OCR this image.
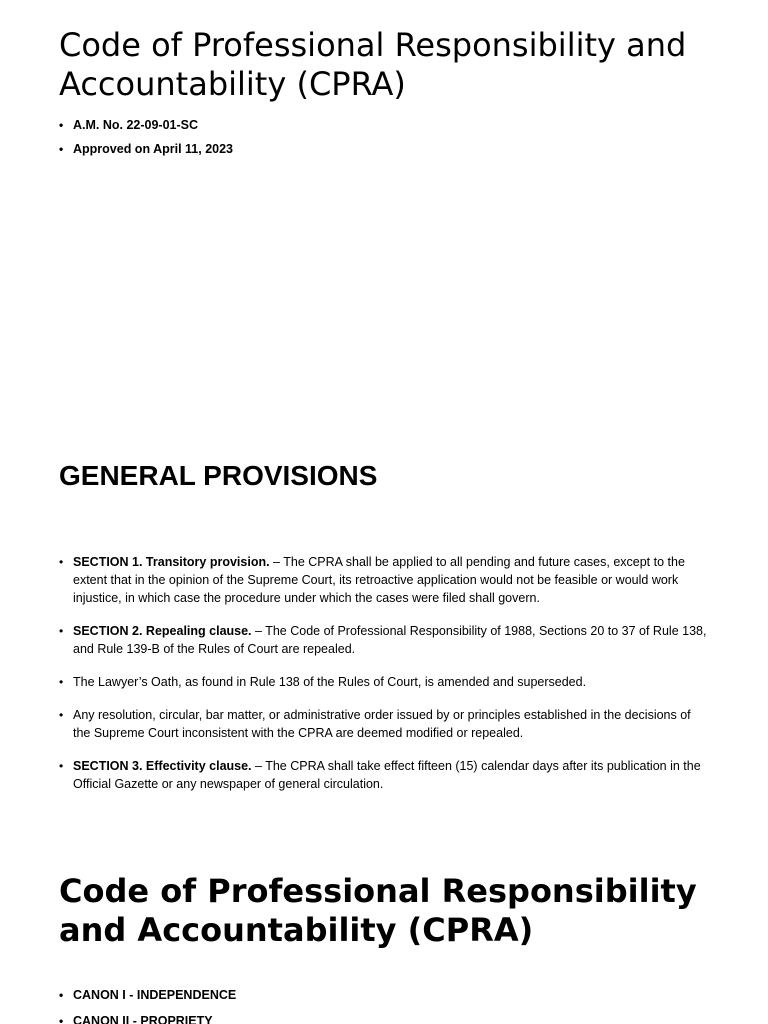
Code of Professional Responsibility and Accountability (CPRA)
• A.M. No. 22-09-01-SC
• Approved on April 11, 2023
GENERAL PROVISIONS
• SECTION 1. Transitory provision. – The CPRA shall be applied to all pending and future cases, except to the extent that in the opinion of the Supreme Court, its retroactive application would not be feasible or would work injustice, in which case the procedure under which the cases were filed shall govern.
• SECTION 2. Repealing clause. – The Code of Professional Responsibility of 1988, Sections 20 to 37 of Rule 138, and Rule 139-B of the Rules of Court are repealed.
• The Lawyer’s Oath, as found in Rule 138 of the Rules of Court, is amended and superseded.
• Any resolution, circular, bar matter, or administrative order issued by or principles established in the decisions of the Supreme Court inconsistent with the CPRA are deemed modified or repealed.
• SECTION 3. Effectivity clause. – The CPRA shall take effect fifteen (15) calendar days after its publication in the Official Gazette or any newspaper of general circulation.
Code of Professional Responsibility and Accountability (CPRA)
• CANON I - INDEPENDENCE
• CANON II - PROPRIETY
